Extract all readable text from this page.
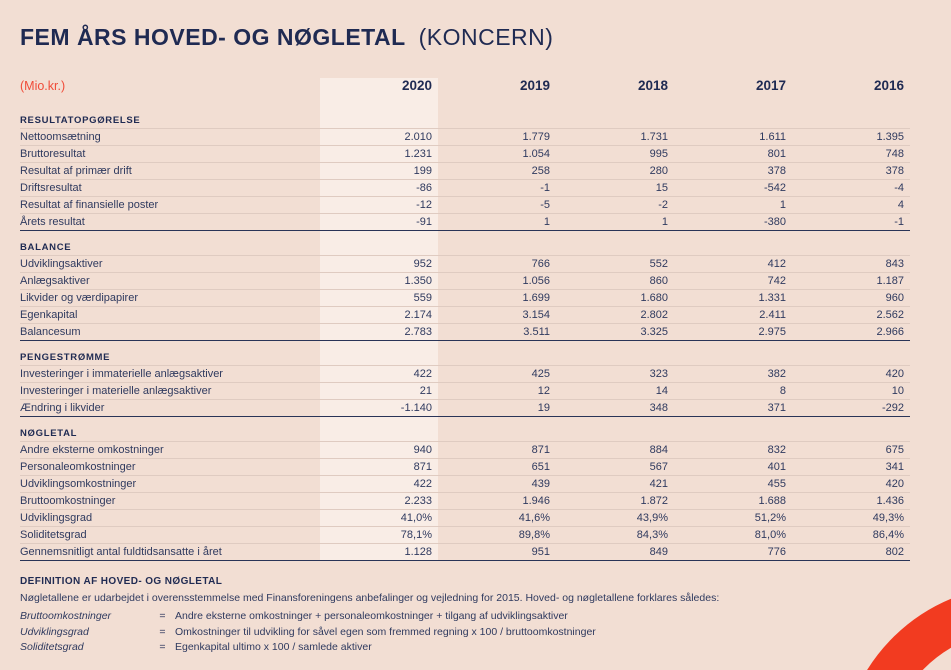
FEM ÅRS HOVED- OG NØGLETAL (KONCERN)
(Mio.kr.)	2020	2019	2018	2017	2016
RESULTATOPGØRELSE
Nettoomsætning	2.010	1.779	1.731	1.611	1.395
Bruttoresultat	1.231	1.054	995	801	748
Resultat af primær drift	199	258	280	378	378
Driftsresultat	-86	-1	15	-542	-4
Resultat af finansielle poster	-12	-5	-2	1	4
Årets resultat	-91	1	1	-380	-1
BALANCE
Udviklingsaktiver	952	766	552	412	843
Anlægsaktiver	1.350	1.056	860	742	1.187
Likvider og værdipapirer	559	1.699	1.680	1.331	960
Egenkapital	2.174	3.154	2.802	2.411	2.562
Balancesum	2.783	3.511	3.325	2.975	2.966
PENGESTRØMME
Investeringer i immaterielle anlægsaktiver	422	425	323	382	420
Investeringer i materielle anlægsaktiver	21	12	14	8	10
Ændring i likvider	-1.140	19	348	371	-292
NØGLETAL
Andre eksterne omkostninger	940	871	884	832	675
Personaleomkostninger	871	651	567	401	341
Udviklingsomkostninger	422	439	421	455	420
Bruttoomkostninger	2.233	1.946	1.872	1.688	1.436
Udviklingsgrad	41,0%	41,6%	43,9%	51,2%	49,3%
Soliditetsgrad	78,1%	89,8%	84,3%	81,0%	86,4%
Gennemsnitligt antal fuldtidsansatte i året	1.128	951	849	776	802
DEFINITION AF HOVED- OG NØGLETAL
Nøgletallene er udarbejdet i overensstemmelse med Finansforeningens anbefalinger og vejledning for 2015. Hoved- og nøgletallene forklares således:
Bruttoomkostninger	= Andre eksterne omkostninger + personaleomkostninger + tilgang af udviklingsaktiver
Udviklingsgrad	= Omkostninger til udvikling for såvel egen som fremmed regning x 100 / bruttoomkostninger
Soliditetsgrad	= Egenkapital ultimo x 100 / samlede aktiver
